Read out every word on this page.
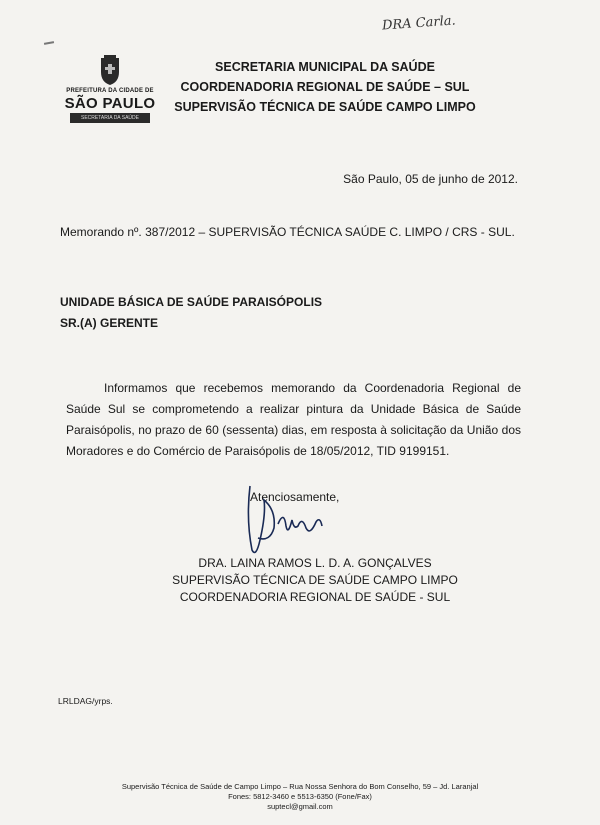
DRA Carla.
PREFEITURA DA CIDADE DE
SÃO PAULO
SECRETARIA DA SAÚDE
SECRETARIA MUNICIPAL DA SAÚDE
COORDENADORIA REGIONAL DE SAÚDE – SUL
SUPERVISÃO TÉCNICA DE SAÚDE CAMPO LIMPO
São Paulo, 05 de junho de 2012.
Memorando nº. 387/2012 – SUPERVISÃO TÉCNICA SAÚDE C. LIMPO / CRS - SUL.
UNIDADE BÁSICA DE SAÚDE PARAISÓPOLIS
SR.(A) GERENTE
Informamos que recebemos memorando da Coordenadoria Regional de Saúde Sul se comprometendo a realizar pintura da Unidade Básica de Saúde Paraisópolis, no prazo de 60 (sessenta) dias, em resposta à solicitação da União dos Moradores e do Comércio de Paraisópolis de 18/05/2012, TID 9199151.
Atenciosamente,
DRA. LAINA RAMOS L. D. A. GONÇALVES
SUPERVISÃO TÉCNICA DE SAÚDE CAMPO LIMPO
COORDENADORIA REGIONAL DE SAÚDE - SUL
LRLDAG/yrps.
Supervisão Técnica de Saúde de Campo Limpo – Rua Nossa Senhora do Bom Conselho, 59 – Jd. Laranjal
Fones: 5812-3460 e 5513-6350 (Fone/Fax)
suptecl@gmail.com
